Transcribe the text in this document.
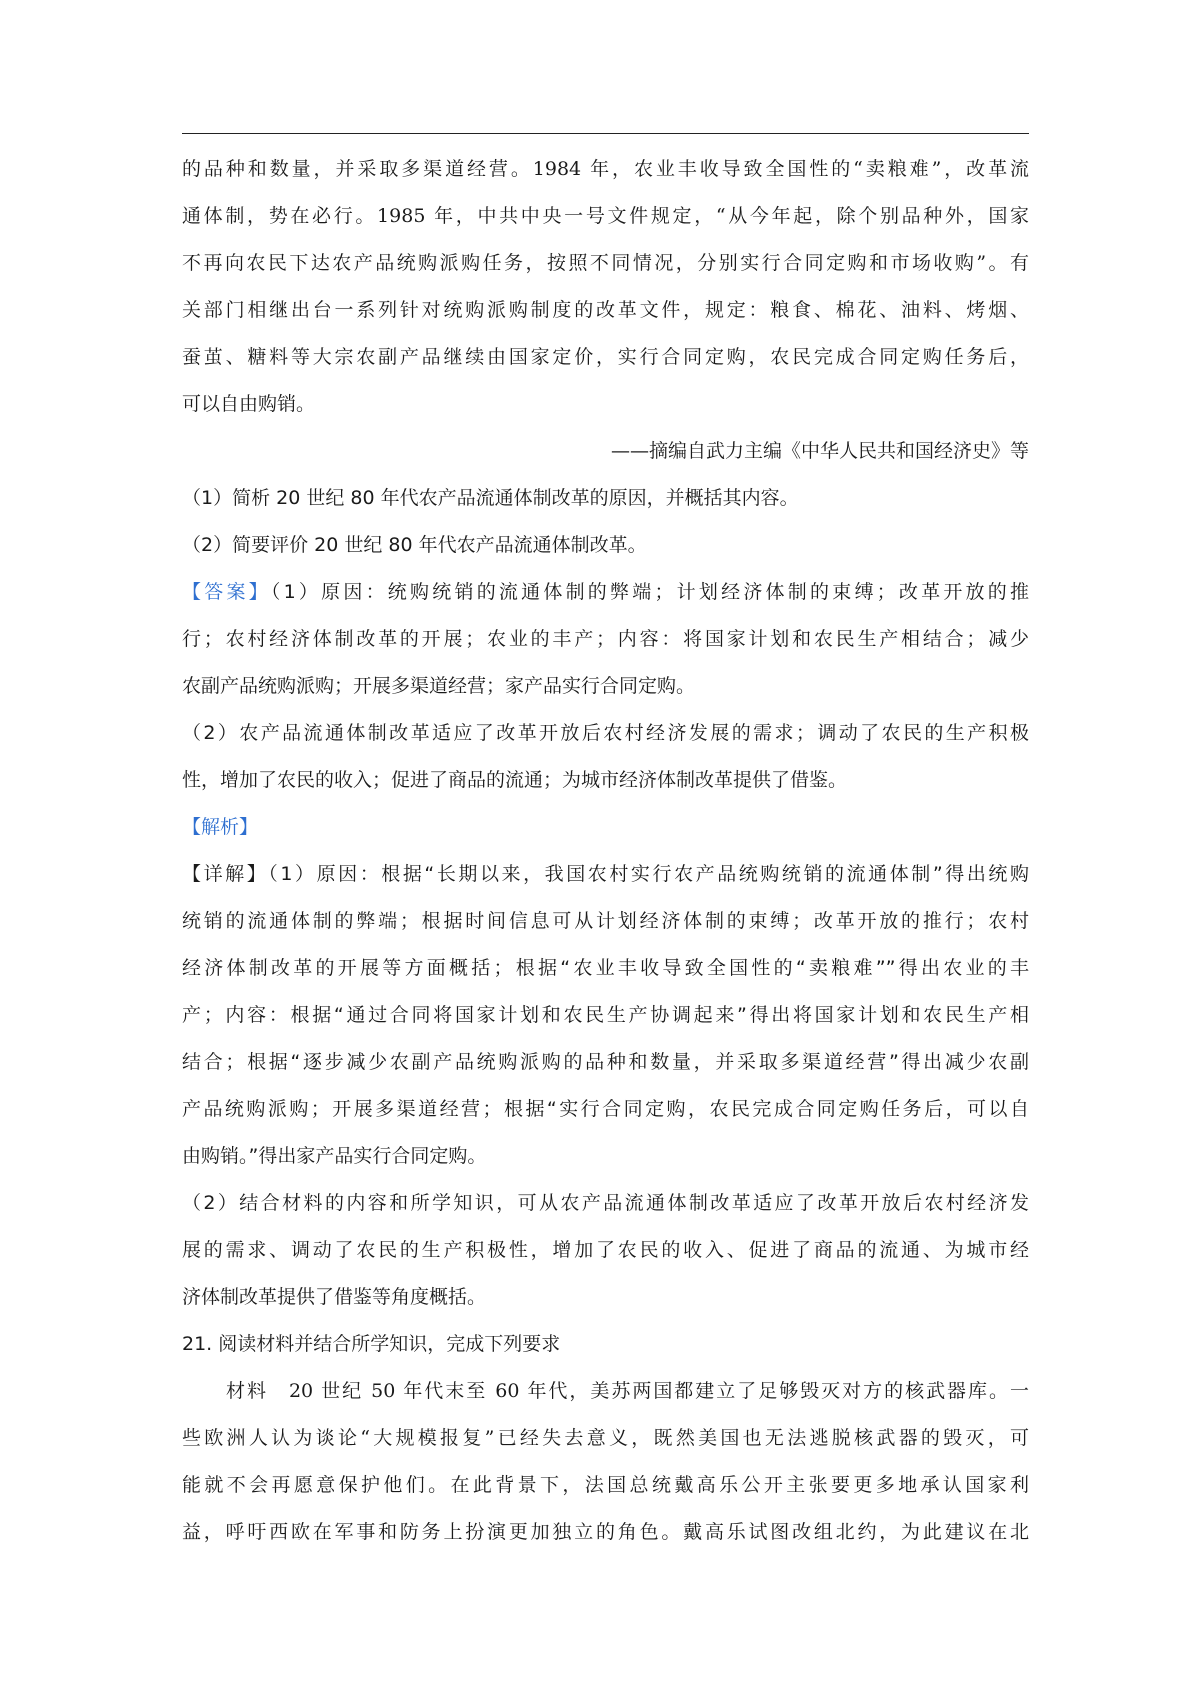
的品种和数量，并采取多渠道经营。1984 年，农业丰收导致全国性的“卖粮难”，改革流
通体制，势在必行。1985 年，中共中央一号文件规定，“从今年起，除个别品种外，国家
不再向农民下达农产品统购派购任务，按照不同情况，分别实行合同定购和市场收购”。有
关部门相继出台一系列针对统购派购制度的改革文件，规定：粮食、棉花、油料、烤烟、
蚕茧、糖料等大宗农副产品继续由国家定价，实行合同定购，农民完成合同定购任务后，
可以自由购销。
——摘编自武力主编《中华人民共和国经济史》等
（1）简析 20 世纪 80 年代农产品流通体制改革的原因，并概括其内容。
（2）简要评价 20 世纪 80 年代农产品流通体制改革。
【答案】（1）原因：统购统销的流通体制的弊端；计划经济体制的束缚；改革开放的推
行；农村经济体制改革的开展；农业的丰产；内容：将国家计划和农民生产相结合；减少
农副产品统购派购；开展多渠道经营；家产品实行合同定购。
（2）农产品流通体制改革适应了改革开放后农村经济发展的需求；调动了农民的生产积极
性，增加了农民的收入；促进了商品的流通；为城市经济体制改革提供了借鉴。
【解析】
【详解】（1）原因：根据“长期以来，我国农村实行农产品统购统销的流通体制”得出统购
统销的流通体制的弊端；根据时间信息可从计划经济体制的束缚；改革开放的推行；农村
经济体制改革的开展等方面概括；根据“农业丰收导致全国性的“卖粮难””得出农业的丰
产；内容：根据“通过合同将国家计划和农民生产协调起来”得出将国家计划和农民生产相
结合；根据“逐步减少农副产品统购派购的品种和数量，并采取多渠道经营”得出减少农副
产品统购派购；开展多渠道经营；根据“实行合同定购，农民完成合同定购任务后，可以自
由购销。”得出家产品实行合同定购。
（2）结合材料的内容和所学知识，可从农产品流通体制改革适应了改革开放后农村经济发
展的需求、调动了农民的生产积极性，增加了农民的收入、促进了商品的流通、为城市经
济体制改革提供了借鉴等角度概括。
21. 阅读材料并结合所学知识，完成下列要求
材料　20 世纪 50 年代末至 60 年代，美苏两国都建立了足够毁灭对方的核武器库。一
些欧洲人认为谈论“大规模报复”已经失去意义，既然美国也无法逃脱核武器的毁灭，可
能就不会再愿意保护他们。在此背景下，法国总统戴高乐公开主张要更多地承认国家利
益，呼吁西欧在军事和防务上扮演更加独立的角色。戴高乐试图改组北约，为此建议在北
